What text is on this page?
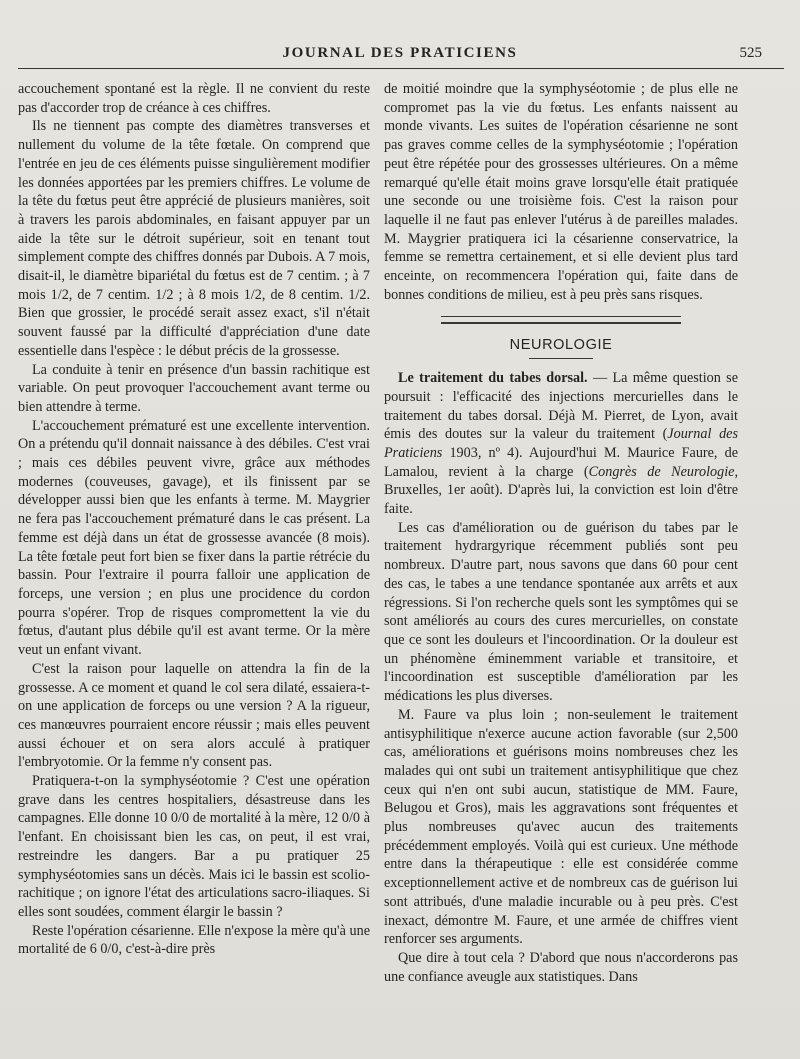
JOURNAL DES PRATICIENS	525

accouchement spontané est la règle. Il ne convient du reste pas d'accorder trop de créance à ces chiffres.

Ils ne tiennent pas compte des diamètres transverses et nullement du volume de la tête fœtale. On comprend que l'entrée en jeu de ces éléments puisse singulièrement modifier les données apportées par les premiers chiffres. Le volume de la tête du fœtus peut être apprécié de plusieurs manières, soit à travers les parois abdominales, en faisant appuyer par un aide la tête sur le détroit supérieur, soit en tenant tout simplement compte des chiffres donnés par Dubois. A 7 mois, disait-il, le diamètre bipariétal du fœtus est de 7 centim. ; à 7 mois 1/2, de 7 centim. 1/2 ; à 8 mois 1/2, de 8 centim. 1/2. Bien que grossier, le procédé serait assez exact, s'il n'était souvent faussé par la difficulté d'appréciation d'une date essentielle dans l'espèce : le début précis de la grossesse.

La conduite à tenir en présence d'un bassin rachitique est variable. On peut provoquer l'accouchement avant terme ou bien attendre à terme.

L'accouchement prématuré est une excellente intervention. On a prétendu qu'il donnait naissance à des débiles. C'est vrai ; mais ces débiles peuvent vivre, grâce aux méthodes modernes (couveuses, gavage), et ils finissent par se développer aussi bien que les enfants à terme. M. Maygrier ne fera pas l'accouchement prématuré dans le cas présent. La femme est déjà dans un état de grossesse avancée (8 mois). La tête fœtale peut fort bien se fixer dans la partie rétrécie du bassin. Pour l'extraire il pourra falloir une application de forceps, une version ; en plus une procidence du cordon pourra s'opérer. Trop de risques compromettent la vie du fœtus, d'autant plus débile qu'il est avant terme. Or la mère veut un enfant vivant.

C'est la raison pour laquelle on attendra la fin de la grossesse. A ce moment et quand le col sera dilaté, essaiera-t-on une application de forceps ou une version ? A la rigueur, ces manœuvres pourraient encore réussir ; mais elles peuvent aussi échouer et on sera alors acculé à pratiquer l'embryotomie. Or la femme n'y consent pas.

Pratiquera-t-on la symphyséotomie ? C'est une opération grave dans les centres hospitaliers, désastreuse dans les campagnes. Elle donne 10 0/0 de mortalité à la mère, 12 0/0 à l'enfant. En choisissant bien les cas, on peut, il est vrai, restreindre les dangers. Bar a pu pratiquer 25 symphyséotomies sans un décès. Mais ici le bassin est scolio-rachitique ; on ignore l'état des articulations sacro-iliaques. Si elles sont soudées, comment élargir le bassin ?

Reste l'opération césarienne. Elle n'expose la mère qu'à une mortalité de 6 0/0, c'est-à-dire près

de moitié moindre que la symphyséotomie ; de plus elle ne compromet pas la vie du fœtus. Les enfants naissent au monde vivants. Les suites de l'opération césarienne ne sont pas graves comme celles de la symphyséotomie ; l'opération peut être répétée pour des grossesses ultérieures. On a même remarqué qu'elle était moins grave lorsqu'elle était pratiquée une seconde ou une troisième fois. C'est la raison pour laquelle il ne faut pas enlever l'utérus à de pareilles malades. M. Maygrier pratiquera ici la césarienne conservatrice, la femme se remettra certainement, et si elle devient plus tard enceinte, on recommencera l'opération qui, faite dans de bonnes conditions de milieu, est à peu près sans risques.

NEUROLOGIE

Le traitement du tabes dorsal. — La même question se poursuit : l'efficacité des injections mercurielles dans le traitement du tabes dorsal. Déjà M. Pierret, de Lyon, avait émis des doutes sur la valeur du traitement (Journal des Praticiens 1903, nº 4). Aujourd'hui M. Maurice Faure, de Lamalou, revient à la charge (Congrès de Neurologie, Bruxelles, 1er août). D'après lui, la conviction est loin d'être faite.

Les cas d'amélioration ou de guérison du tabes par le traitement hydrargyrique récemment publiés sont peu nombreux. D'autre part, nous savons que dans 60 pour cent des cas, le tabes a une tendance spontanée aux arrêts et aux régressions. Si l'on recherche quels sont les symptômes qui se sont améliorés au cours des cures mercurielles, on constate que ce sont les douleurs et l'incoordination. Or la douleur est un phénomène éminemment variable et transitoire, et l'incoordination est susceptible d'amélioration par les médications les plus diverses.

M. Faure va plus loin ; non-seulement le traitement antisyphilitique n'exerce aucune action favorable (sur 2,500 cas, améliorations et guérisons moins nombreuses chez les malades qui ont subi un traitement antisyphilitique que chez ceux qui n'en ont subi aucun, statistique de MM. Faure, Belugou et Gros), mais les aggravations sont fréquentes et plus nombreuses qu'avec aucun des traitements précédemment employés. Voilà qui est curieux. Une méthode entre dans la thérapeutique : elle est considérée comme exceptionnellement active et de nombreux cas de guérison lui sont attribués, d'une maladie incurable ou à peu près. C'est inexact, démontre M. Faure, et une armée de chiffres vient renforcer ses arguments.

Que dire à tout cela ? D'abord que nous n'accorderons pas une confiance aveugle aux statistiques. Dans
